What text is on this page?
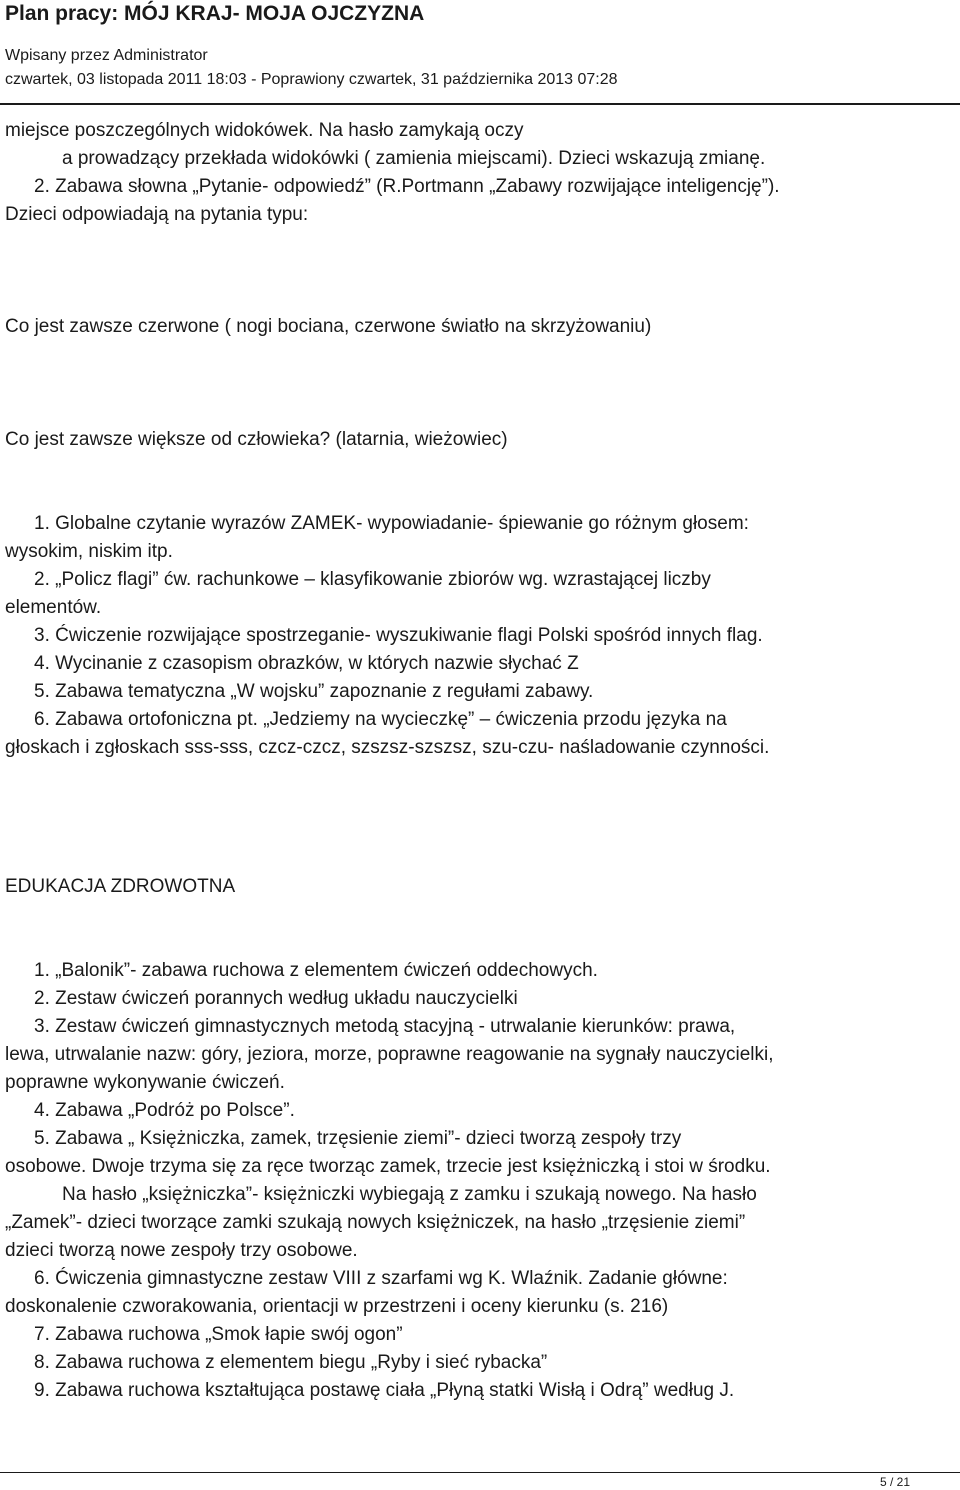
Plan pracy: MÓJ KRAJ- MOJA OJCZYZNA
Wpisany przez Administrator
czwartek, 03 listopada 2011 18:03 - Poprawiony czwartek, 31 października 2013 07:28
miejsce poszczególnych widokówek. Na hasło zamykają oczy
a prowadzący przekłada widokówki ( zamienia miejscami). Dzieci wskazują zmianę.
2. Zabawa słowna „Pytanie- odpowiedź” (R.Portmann „Zabawy rozwijające inteligencję”).
Dzieci odpowiadają na pytania typu:
Co jest zawsze czerwone ( nogi bociana, czerwone światło na skrzyżowaniu)
Co jest zawsze większe od człowieka? (latarnia, wieżowiec)
1. Globalne czytanie wyrazów ZAMEK- wypowiadanie- śpiewanie go różnym głosem:
wysokim, niskim itp.
2. „Policz flagi” ćw. rachunkowe – klasyfikowanie zbiorów wg. wzrastającej liczby
elementów.
3. Ćwiczenie rozwijające spostrzeganie- wyszukiwanie flagi Polski spośród innych flag.
4. Wycinanie z czasopism obrazków, w których nazwie słychać Z
5. Zabawa tematyczna „W wojsku” zapoznanie z regułami zabawy.
6. Zabawa ortofoniczna pt. „Jedziemy na wycieczkę” – ćwiczenia przodu języka na
głoskach i zgłoskach sss-sss, czcz-czcz, szszsz-szszsz, szu-czu- naśladowanie czynności.
EDUKACJA ZDROWOTNA
1. „Balonik”- zabawa ruchowa z elementem ćwiczeń oddechowych.
2. Zestaw ćwiczeń porannych według układu nauczycielki
3. Zestaw ćwiczeń gimnastycznych metodą stacyjną - utrwalanie kierunków: prawa,
lewa, utrwalanie nazw: góry, jeziora, morze, poprawne reagowanie na sygnały nauczycielki,
poprawne wykonywanie ćwiczeń.
4. Zabawa „Podróż po Polsce”.
5. Zabawa „ Księżniczka, zamek, trzęsienie ziemi”- dzieci tworzą zespoły trzy
osobowe. Dwoje trzyma się za ręce tworząc zamek, trzecie jest księżniczką i stoi w środku.
Na hasło „księżniczka”- księżniczki wybiegają z zamku i szukają nowego. Na hasło
„Zamek”- dzieci tworzące zamki szukają nowych księżniczek, na hasło „trzęsienie ziemi”
dzieci tworzą nowe zespoły trzy osobowe.
6. Ćwiczenia gimnastyczne zestaw VIII z szarfami wg K. Wlaźnik. Zadanie główne:
doskonalenie czworakowania, orientacji w przestrzeni i oceny kierunku (s. 216)
7. Zabawa ruchowa „Smok łapie swój ogon”
8. Zabawa ruchowa z elementem biegu „Ryby i sieć rybacka”
9. Zabawa ruchowa kształtująca postawę ciała „Płyną statki Wisłą i Odrą” według J.
5 / 21
